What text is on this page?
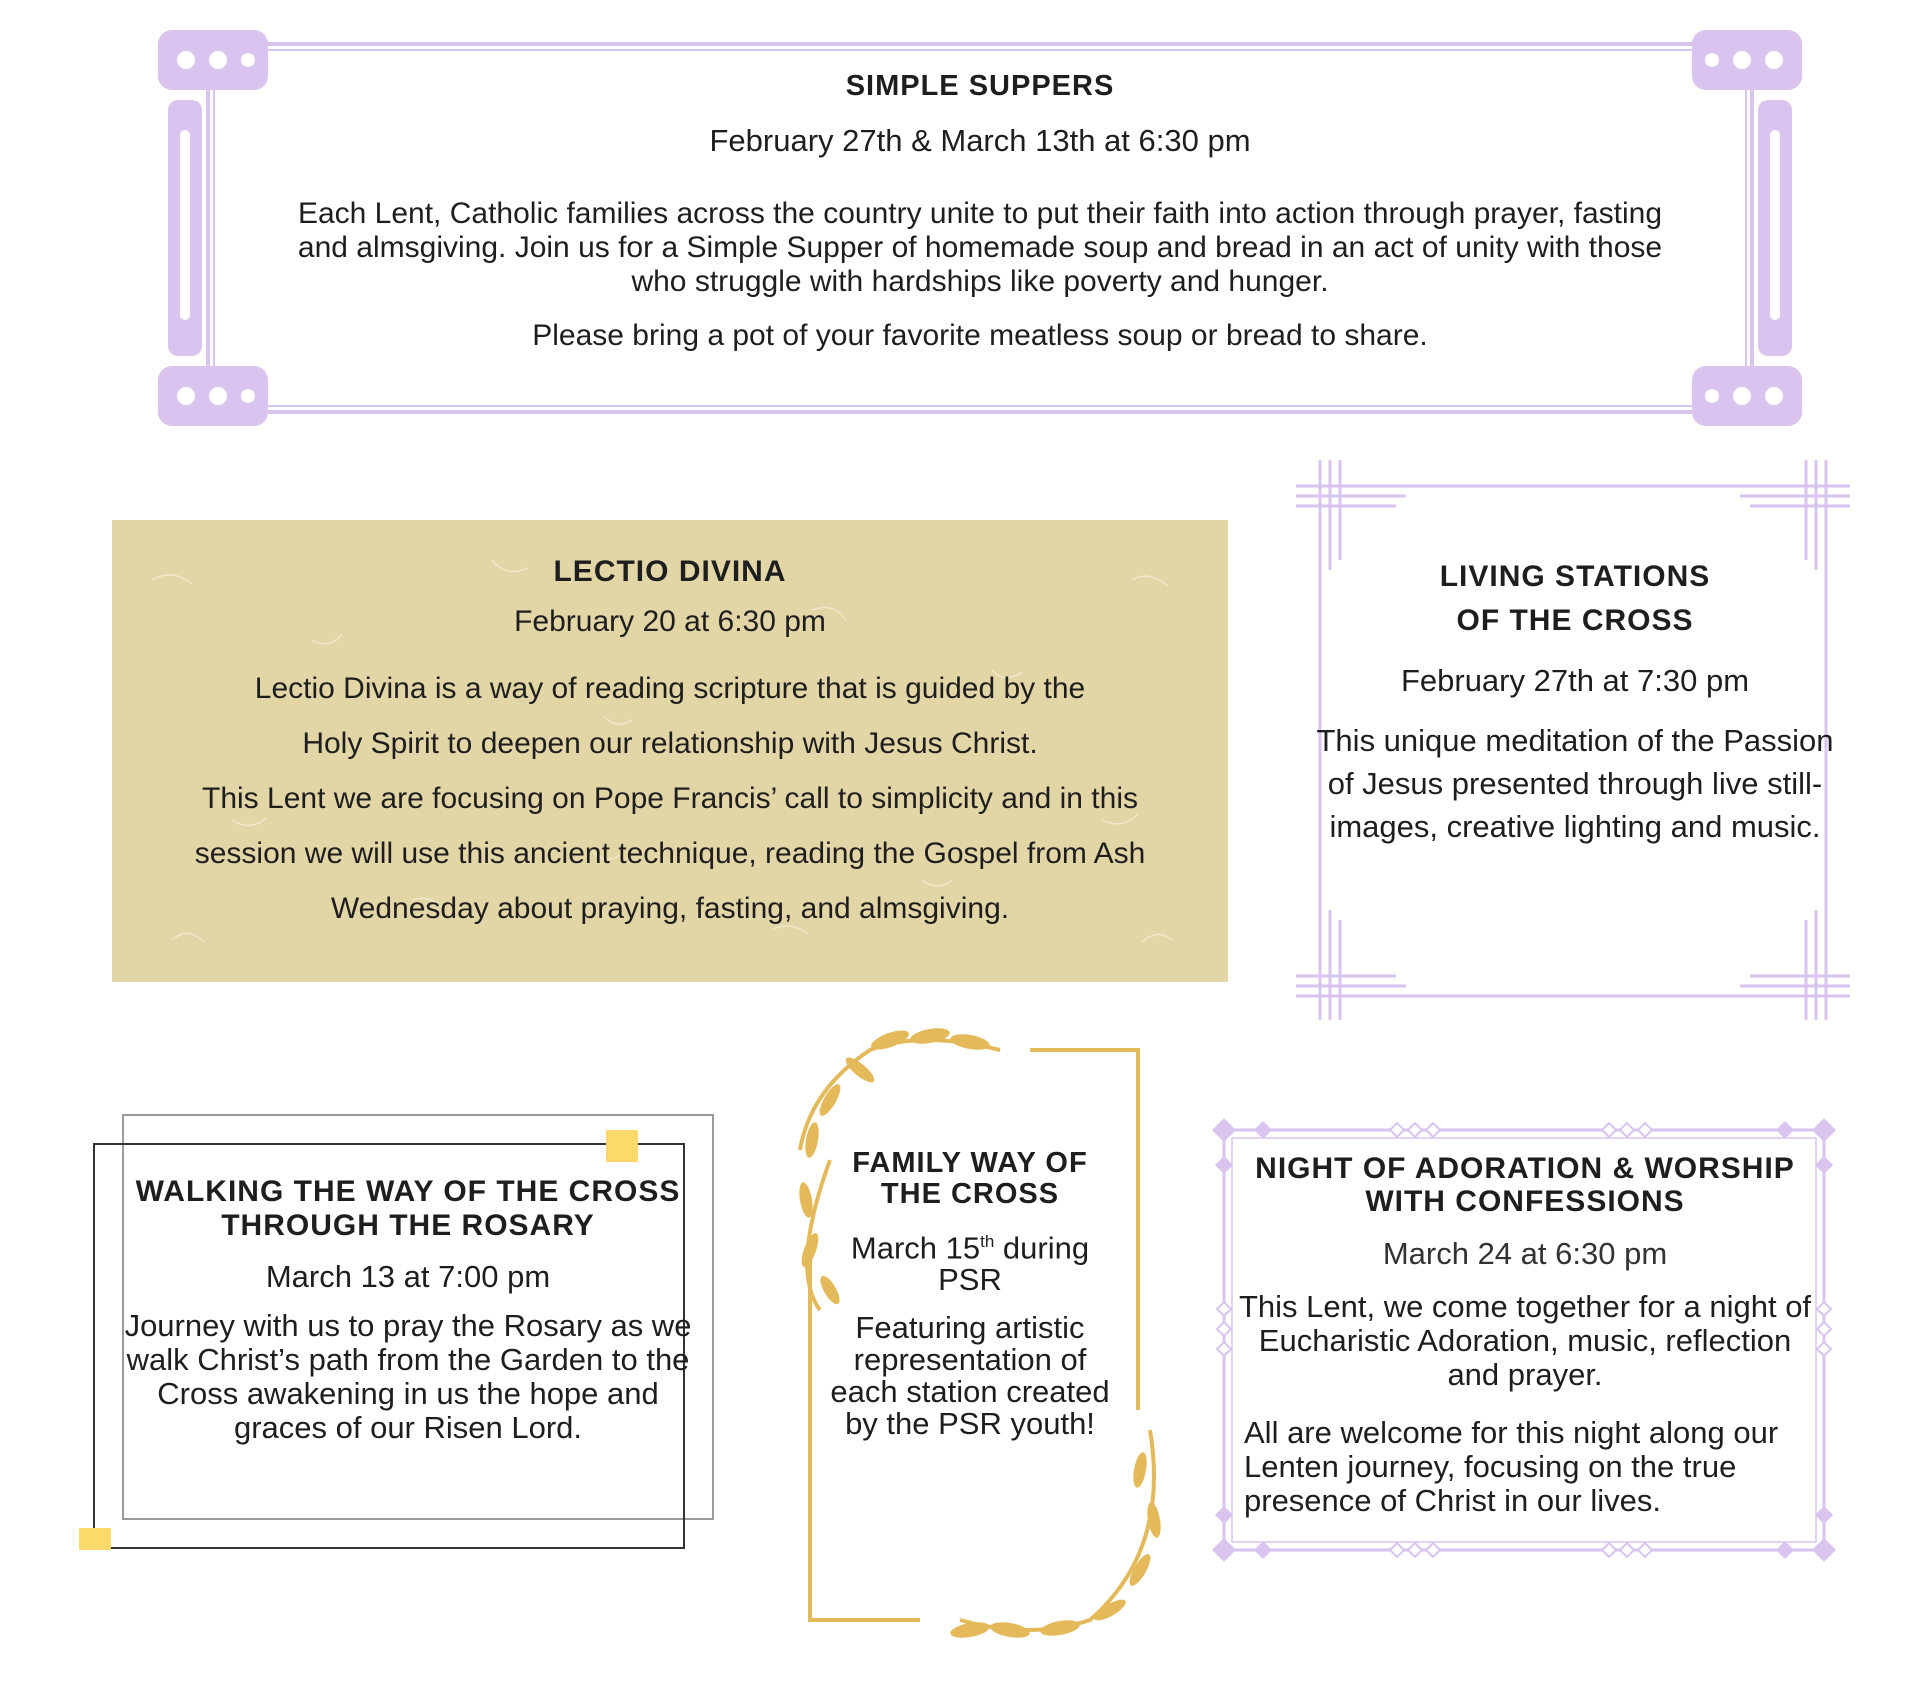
SIMPLE SUPPERS
February 27th & March 13th at 6:30 pm
Each Lent, Catholic families across the country unite to put their faith into action through prayer, fasting and almsgiving. Join us for a Simple Supper of homemade soup and bread in an act of unity with those who struggle with hardships like poverty and hunger.
Please bring a pot of your favorite meatless soup or bread to share.
LECTIO DIVINA
February 20 at 6:30 pm
Lectio Divina is a way of reading scripture that is guided by the
Holy Spirit to deepen our relationship with Jesus Christ.
This Lent we are focusing on Pope Francis’ call to simplicity and in this
session we will use this ancient technique, reading the Gospel from Ash
Wednesday about praying, fasting, and almsgiving.
LIVING STATIONS
OF THE CROSS
February 27th at 7:30 pm
This unique meditation of the Passion of Jesus presented through live still-images, creative lighting and music.
WALKING THE WAY OF THE CROSS THROUGH THE ROSARY
March 13 at 7:00 pm
Journey with us to pray the Rosary as we walk Christ’s path from the Garden to the Cross awakening in us the hope and graces of our Risen Lord.
FAMILY WAY OF THE CROSS
March 15th during PSR
Featuring artistic representation of each station created by the PSR youth!
NIGHT OF ADORATION & WORSHIP WITH CONFESSIONS
March 24 at 6:30 pm
This Lent, we come together for a night of Eucharistic Adoration, music, reflection and prayer.
All are welcome for this night along our Lenten journey, focusing on the true presence of Christ in our lives.
